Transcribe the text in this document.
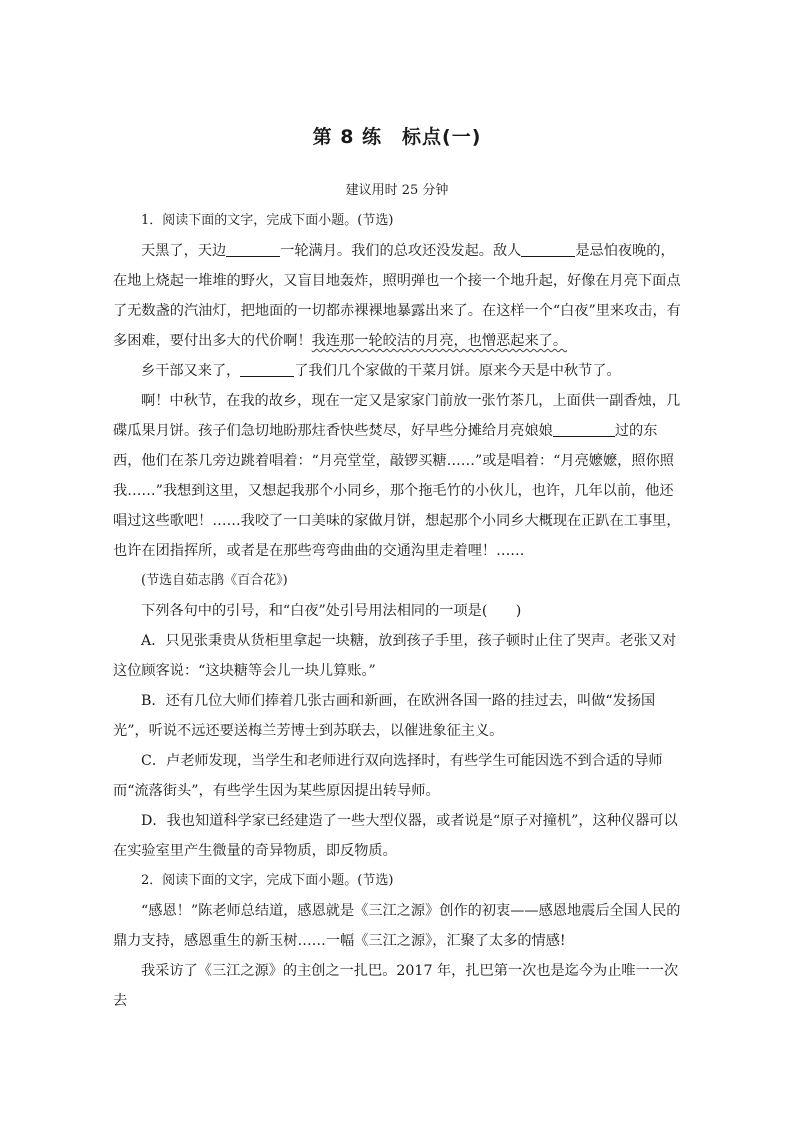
第 8 练　标点(一)
建议用时 25 分钟

1．阅读下面的文字，完成下面小题。(节选)

天黑了，天边	一轮满月。我们的总攻还没发起。敌人	是忌怕夜晚的，在地上烧起一堆堆的野火，又盲目地轰炸，照明弹也一个接一个地升起，好像在月亮下面点了无数盏的汽油灯，把地面的一切都赤裸裸地暴露出来了。在这样一个“白夜”里来攻击，有多困难，要付出多大的代价啊！我连那一轮皎洁的月亮，也憎恶起来了。

乡干部又来了，	了我们几个家做的干菜月饼。原来今天是中秋节了。

啊！中秋节，在我的故乡，现在一定又是家家门前放一张竹茶几，上面供一副香烛，几碟瓜果月饼。孩子们急切地盼那炷香快些焚尽，好早些分摊给月亮娘娘	过的东西，他们在茶几旁边跳着唱着：“月亮堂堂，敲锣买糖……”或是唱着：“月亮嬷嬷，照你照我……”我想到这里，又想起我那个小同乡，那个拖毛竹的小伙儿，也许，几年以前，他还唱过这些歌吧！……我咬了一口美味的家做月饼，想起那个小同乡大概现在正趴在工事里，也许在团指挥所，或者是在那些弯弯曲曲的交通沟里走着哩！……

(节选自茹志鹃《百合花》)

下列各句中的引号，和“白夜”处引号用法相同的一项是(　　)

A．只见张秉贵从货柜里拿起一块糖，放到孩子手里，孩子顿时止住了哭声。老张又对这位顾客说：“这块糖等会儿一块儿算账。”

B．还有几位大师们捧着几张古画和新画，在欧洲各国一路的挂过去，叫做“发扬国光”，听说不远还要送梅兰芳博士到苏联去，以催进象征主义。

C．卢老师发现，当学生和老师进行双向选择时，有些学生可能因选不到合适的导师而“流落街头”，有些学生因为某些原因提出转导师。

D．我也知道科学家已经建造了一些大型仪器，或者说是“原子对撞机”，这种仪器可以在实验室里产生微量的奇异物质，即反物质。

2．阅读下面的文字，完成下面小题。(节选)

“感恩！”陈老师总结道，感恩就是《三江之源》创作的初衷——感恩地震后全国人民的鼎力支持，感恩重生的新玉树……一幅《三江之源》，汇聚了太多的情感!

我采访了《三江之源》的主创之一扎巴。2017 年，扎巴第一次也是迄今为止唯一一次去
